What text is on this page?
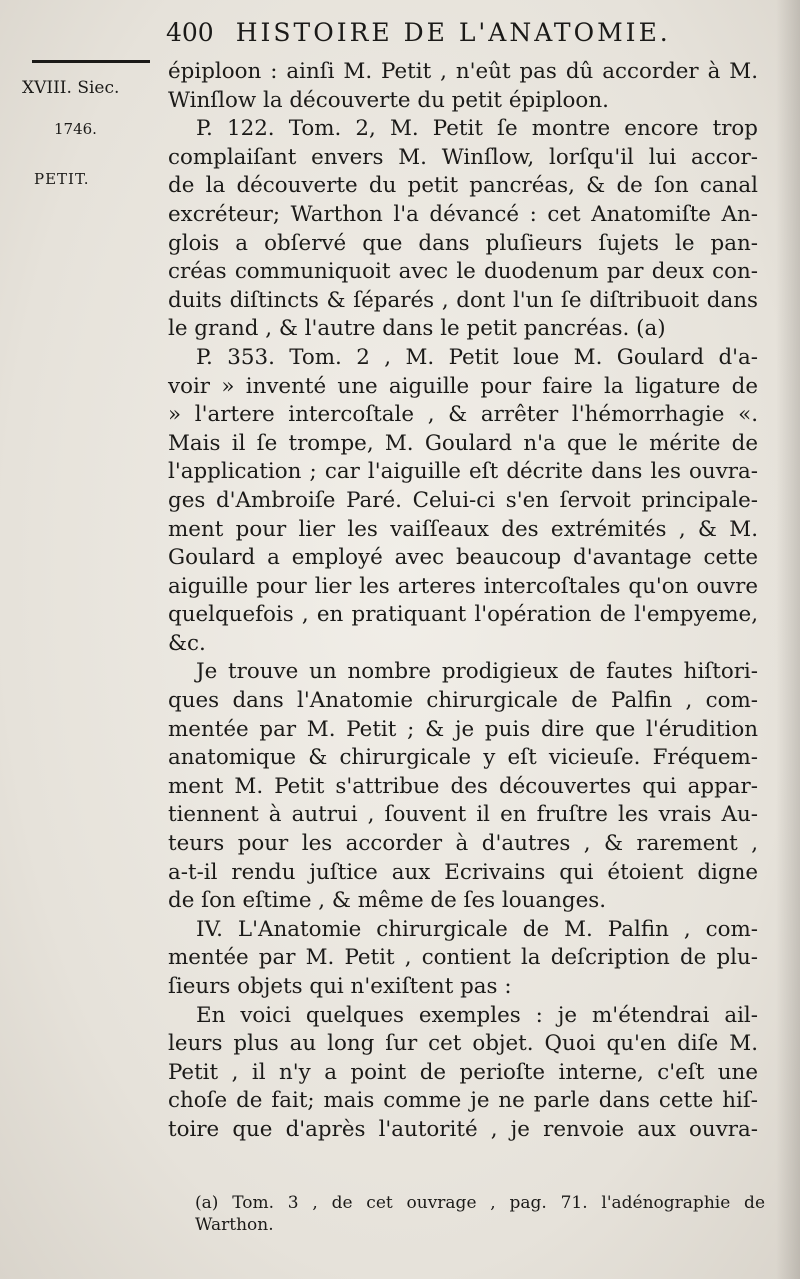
400 HISTOIRE DE L'ANATOMIE.
XVIII. Siec.
1746.
PETIT.
épiploon : ainſi M. Petit , n'eût pas dû accorder à M.
Winſlow la découverte du petit épiploon.
P. 122. Tom. 2, M. Petit ſe montre encore trop
complaiſant envers M. Winſlow, lorſqu'il lui accor-
de la découverte du petit pancréas, & de ſon canal
excréteur; Warthon l'a dévancé : cet Anatomiſte An-
glois a obſervé que dans pluſieurs ſujets le pan-
créas communiquoit avec le duodenum par deux con-
duits diſtincts & ſéparés , dont l'un ſe diſtribuoit dans
le grand , & l'autre dans le petit pancréas. (a)
P. 353. Tom. 2 , M. Petit loue M. Goulard d'a-
voir » inventé une aiguille pour faire la ligature de
» l'artere intercoſtale , & arrêter l'hémorrhagie «.
Mais il ſe trompe, M. Goulard n'a que le mérite de
l'application ; car l'aiguille eſt décrite dans les ouvra-
ges d'Ambroiſe Paré. Celui-ci s'en ſervoit principale-
ment pour lier les vaiſſeaux des extrémités , & M.
Goulard a employé avec beaucoup d'avantage cette
aiguille pour lier les arteres intercoſtales qu'on ouvre
quelquefois , en pratiquant l'opération de l'empyeme,
&c.
Je trouve un nombre prodigieux de fautes hiſtori-
ques dans l'Anatomie chirurgicale de Palfin , com-
mentée par M. Petit ; & je puis dire que l'érudition
anatomique & chirurgicale y eſt vicieuſe. Fréquem-
ment M. Petit s'attribue des découvertes qui appar-
tiennent à autrui , ſouvent il en fruſtre les vrais Au-
teurs pour les accorder à d'autres , & rarement ,
a-t-il rendu juſtice aux Ecrivains qui étoient digne
de ſon eſtime , & même de ſes louanges.
IV. L'Anatomie chirurgicale de M. Palfin , com-
mentée par M. Petit , contient la deſcription de plu-
ſieurs objets qui n'exiſtent pas :
En voici quelques exemples : je m'étendrai ail-
leurs plus au long ſur cet objet. Quoi qu'en diſe M.
Petit , il n'y a point de perioſte interne, c'eſt une
choſe de fait; mais comme je ne parle dans cette hiſ-
toire que d'après l'autorité , je renvoie aux ouvra-
(a) Tom. 3 , de cet ouvrage , pag. 71. l'adénographie de
Warthon.
